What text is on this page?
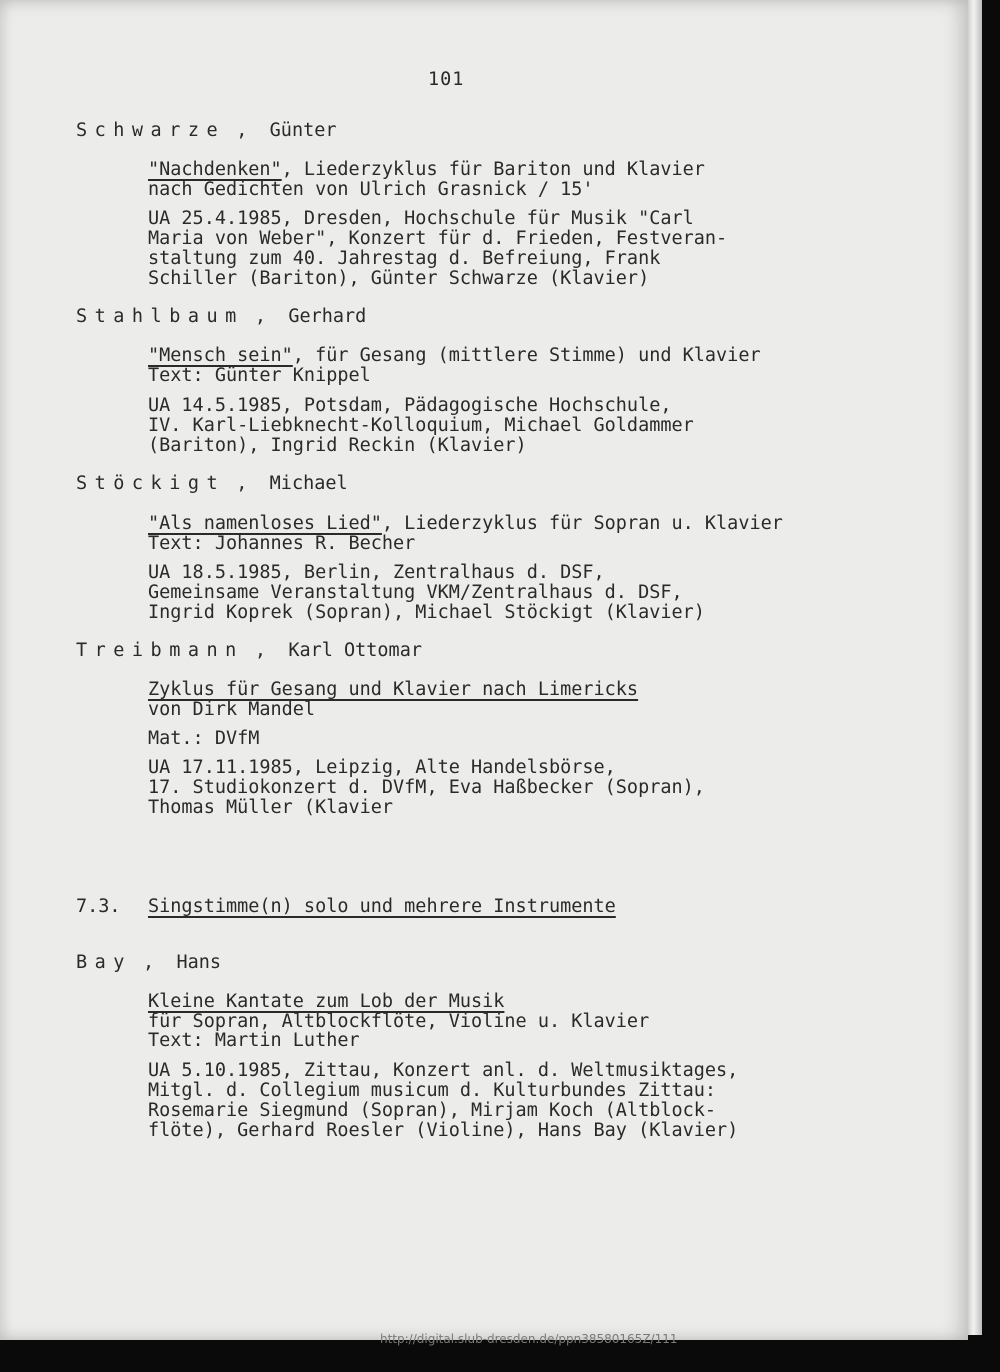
101
Schwarze ,  Günter
"Nachdenken", Liederzyklus für Bariton und Klavier
nach Gedichten von Ulrich Grasnick / 15'
UA 25.4.1985, Dresden, Hochschule für Musik "Carl
Maria von Weber", Konzert für d. Frieden, Festveran-
staltung zum 40. Jahrestag d. Befreiung, Frank
Schiller (Bariton), Günter Schwarze (Klavier)
Stahlbaum ,  Gerhard
"Mensch sein", für Gesang (mittlere Stimme) und Klavier
Text: Günter Knippel
UA 14.5.1985, Potsdam, Pädagogische Hochschule,
IV. Karl-Liebknecht-Kolloquium, Michael Goldammer
(Bariton), Ingrid Reckin (Klavier)
Stöckigt ,  Michael
"Als namenloses Lied", Liederzyklus für Sopran u. Klavier
Text: Johannes R. Becher
UA 18.5.1985, Berlin, Zentralhaus d. DSF,
Gemeinsame Veranstaltung VKM/Zentralhaus d. DSF,
Ingrid Koprek (Sopran), Michael Stöckigt (Klavier)
Treibmann ,  Karl Ottomar
Zyklus für Gesang und Klavier nach Limericks
von Dirk Mandel
Mat.: DVfM
UA 17.11.1985, Leipzig, Alte Handelsbörse,
17. Studiokonzert d. DVfM, Eva Haßbecker (Sopran),
Thomas Müller (Klavier
7.3. Singstimme(n) solo und mehrere Instrumente
Bay ,  Hans
Kleine Kantate zum Lob der Musik
für Sopran, Altblockflöte, Violine u. Klavier
Text: Martin Luther
UA 5.10.1985, Zittau, Konzert anl. d. Weltmusiktages,
Mitgl. d. Collegium musicum d. Kulturbundes Zittau:
Rosemarie Siegmund (Sopran), Mirjam Koch (Altblock-
flöte), Gerhard Roesler (Violine), Hans Bay (Klavier)
http://digital.slub-dresden.de/ppn38580165Z/111
